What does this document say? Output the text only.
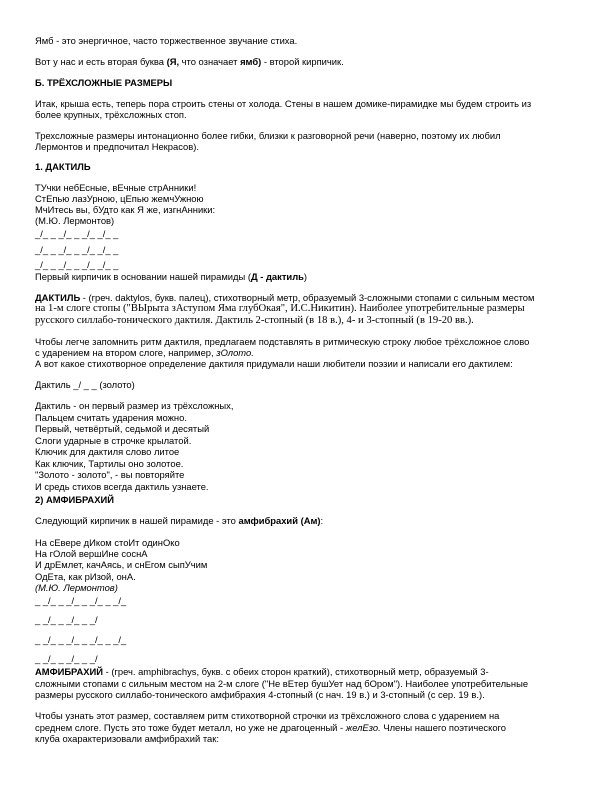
Ямб - это энергичное, часто торжественное звучание стиха.
Вот у нас и есть вторая буква (Я, что означает ямб) - второй кирпичик.
Б. ТРЁХСЛОЖНЫЕ РАЗМЕРЫ
Итак, крыша есть, теперь пора строить стены от холода. Стены в нашем домике-пирамидке мы будем строить из
более крупных, трёхсложных стоп.
Трехсложные размеры интонационно более гибки, близки к разговорной речи (наверно, поэтому их любил
Лермонтов и предпочитал Некрасов).
1. ДАКТИЛЬ
ТУчки небЕсные, вЕчные стрАнники!
СтЕпью лазУрною, цЕпью жемчУжною
МчИтесь вы, бУдто как Я же, изгнАнники:
(М.Ю. Лермонтов)
_/_ _ _/_ _ _/_ _/_ _
_/_ _ _/_ _ _/_ _/_ _
_/_ _ _/_ _ _/_ _/_ _
Первый кирпичик в основании нашей пирамиды (Д - дактиль)
ДАКТИЛЬ - (греч. daktylos, букв. палец), стихотворный метр, образуемый 3-сложными стопами с сильным местом
на 1-м слоге стопы ("ВЫрыта зАступом Яма глубОкая", И.С.Никитин). Наиболее употребительные размеры
русского силлабо-тонического дактиля. Дактиль 2-стопный (в 18 в.), 4- и 3-стопный (в 19-20 вв.).
Чтобы легче запомнить ритм дактиля, предлагаем подставлять в ритмическую строку любое трёхсложное слово
с ударением на втором слоге, например, зОлото.
А вот какое стихотворное определение дактиля придумали наши любители поэзии и написали его дактилем:
Дактиль _/ _ _ (золото)
Дактиль - он первый размер из трёхсложных,
Пальцем считать ударения можно.
Первый, четвёртый, седьмой и десятый
Слоги ударные в строчке крылатой.
Ключик для дактиля слово литое
Как ключик, Тартилы оно золотое.
"Золото - золото", - вы повторяйте
И средь стихов всегда дактиль узнаете.
2) АМФИБРАХИЙ
Следующий кирпичик в нашей пирамиде - это амфибрахий (Ам):
На сЕвере дИком стоИт одинОко
На гОлой вершИне соснА
И дрЕмлет, качАясь, и снЕгом сыпУчим
ОдЕта, как рИзой, онА.
(М.Ю. Лермонтов)
_ _/_ _ _/_ _ _/_ _ _/_
_ _/_ _ _/_ _ _/
_ _/_ _ _/_ _ _/_ _ _/_
_ _/_ _ _/_ _ _/
АМФИБРАХИЙ - (греч. amphibrachys, букв. с обеих сторон краткий), стихотворный метр, образуемый 3-
сложными стопами с сильным местом на 2-м слоге ("Не вЕтер бушУет над бОром"). Наиболее употребительные
размеры русского силлабо-тонического амфибрахия 4-стопный (с нач. 19 в.) и 3-стопный (с сер. 19 в.).
Чтобы узнать этот размер, составляем ритм стихотворной строчки из трёхсложного слова с ударением на
среднем слоге. Пусть это тоже будет металл, но уже не драгоценный - желЕзо. Члены нашего поэтического
клуба охарактеризовали амфибрахий так:
